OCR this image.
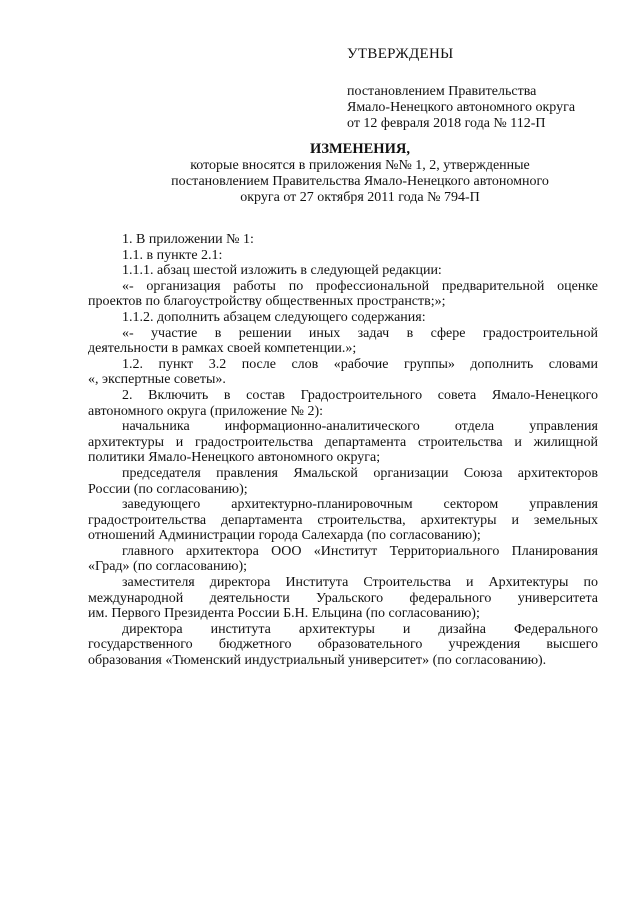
УТВЕРЖДЕНЫ
постановлением Правительства
Ямало-Ненецкого автономного округа
от 12 февраля 2018 года № 112-П
ИЗМЕНЕНИЯ,
которые вносятся в приложения №№ 1, 2, утвержденные
постановлением Правительства Ямало-Ненецкого автономного
округа от 27 октября 2011 года № 794-П

1. В приложении № 1:

1.1. в пункте 2.1:

1.1.1. абзац шестой изложить в следующей редакции:

«- организация работы по профессиональной предварительной оценке

проектов по благоустройству общественных пространств;»;

1.1.2. дополнить абзацем следующего содержания:

«- участие в решении иных задач в сфере градостроительной

деятельности в рамках своей компетенции.»;

1.2. пункт 3.2 после слов «рабочие группы» дополнить словами

«, экспертные советы».

2. Включить в состав Градостроительного совета Ямало-Ненецкого

автономного округа (приложение № 2):

начальника информационно-аналитического отдела управления

архитектуры и градостроительства департамента строительства и жилищной

политики Ямало-Ненецкого автономного округа;

председателя правления Ямальской организации Союза архитекторов

России (по согласованию);

заведующего архитектурно-планировочным сектором управления

градостроительства департамента строительства, архитектуры и земельных

отношений Администрации города Салехарда (по согласованию);

главного архитектора ООО «Институт Территориального Планирования

«Град» (по согласованию);

заместителя директора Института Строительства и Архитектуры по

международной деятельности Уральского федерального университета

им. Первого Президента России Б.Н. Ельцина (по согласованию);

директора института архитектуры и дизайна Федерального

государственного бюджетного образовательного учреждения высшего

образования «Тюменский индустриальный университет» (по согласованию).
